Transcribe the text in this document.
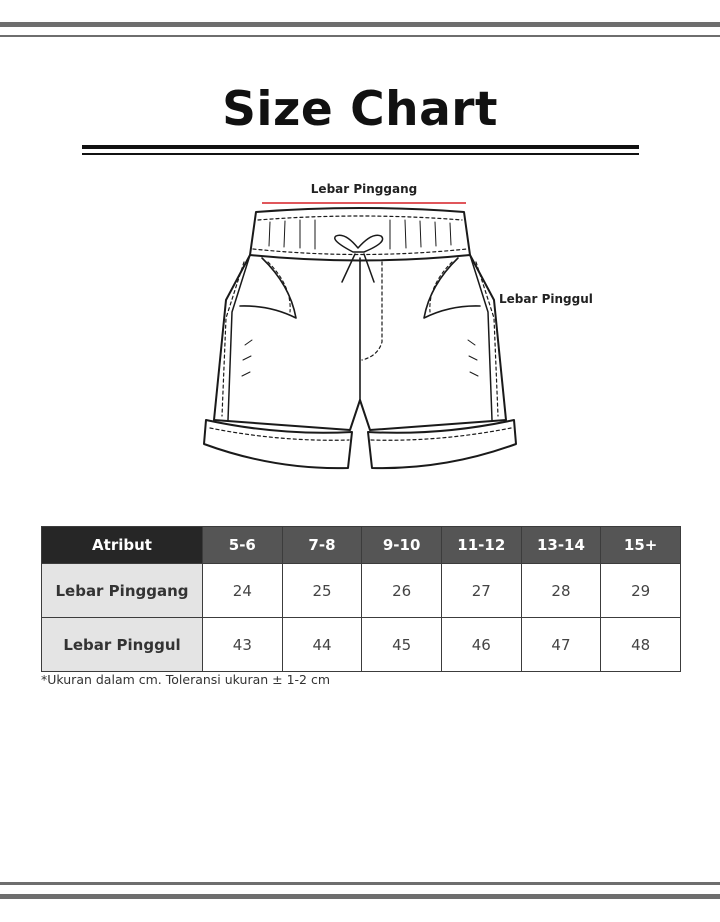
Size Chart
Lebar Pinggang
Lebar Pinggul
Atribut	5-6	7-8	9-10	11-12	13-14	15+
Lebar Pinggang	24	25	26	27	28	29
Lebar Pinggul	43	44	45	46	47	48
*Ukuran dalam cm. Toleransi ukuran ± 1-2 cm
